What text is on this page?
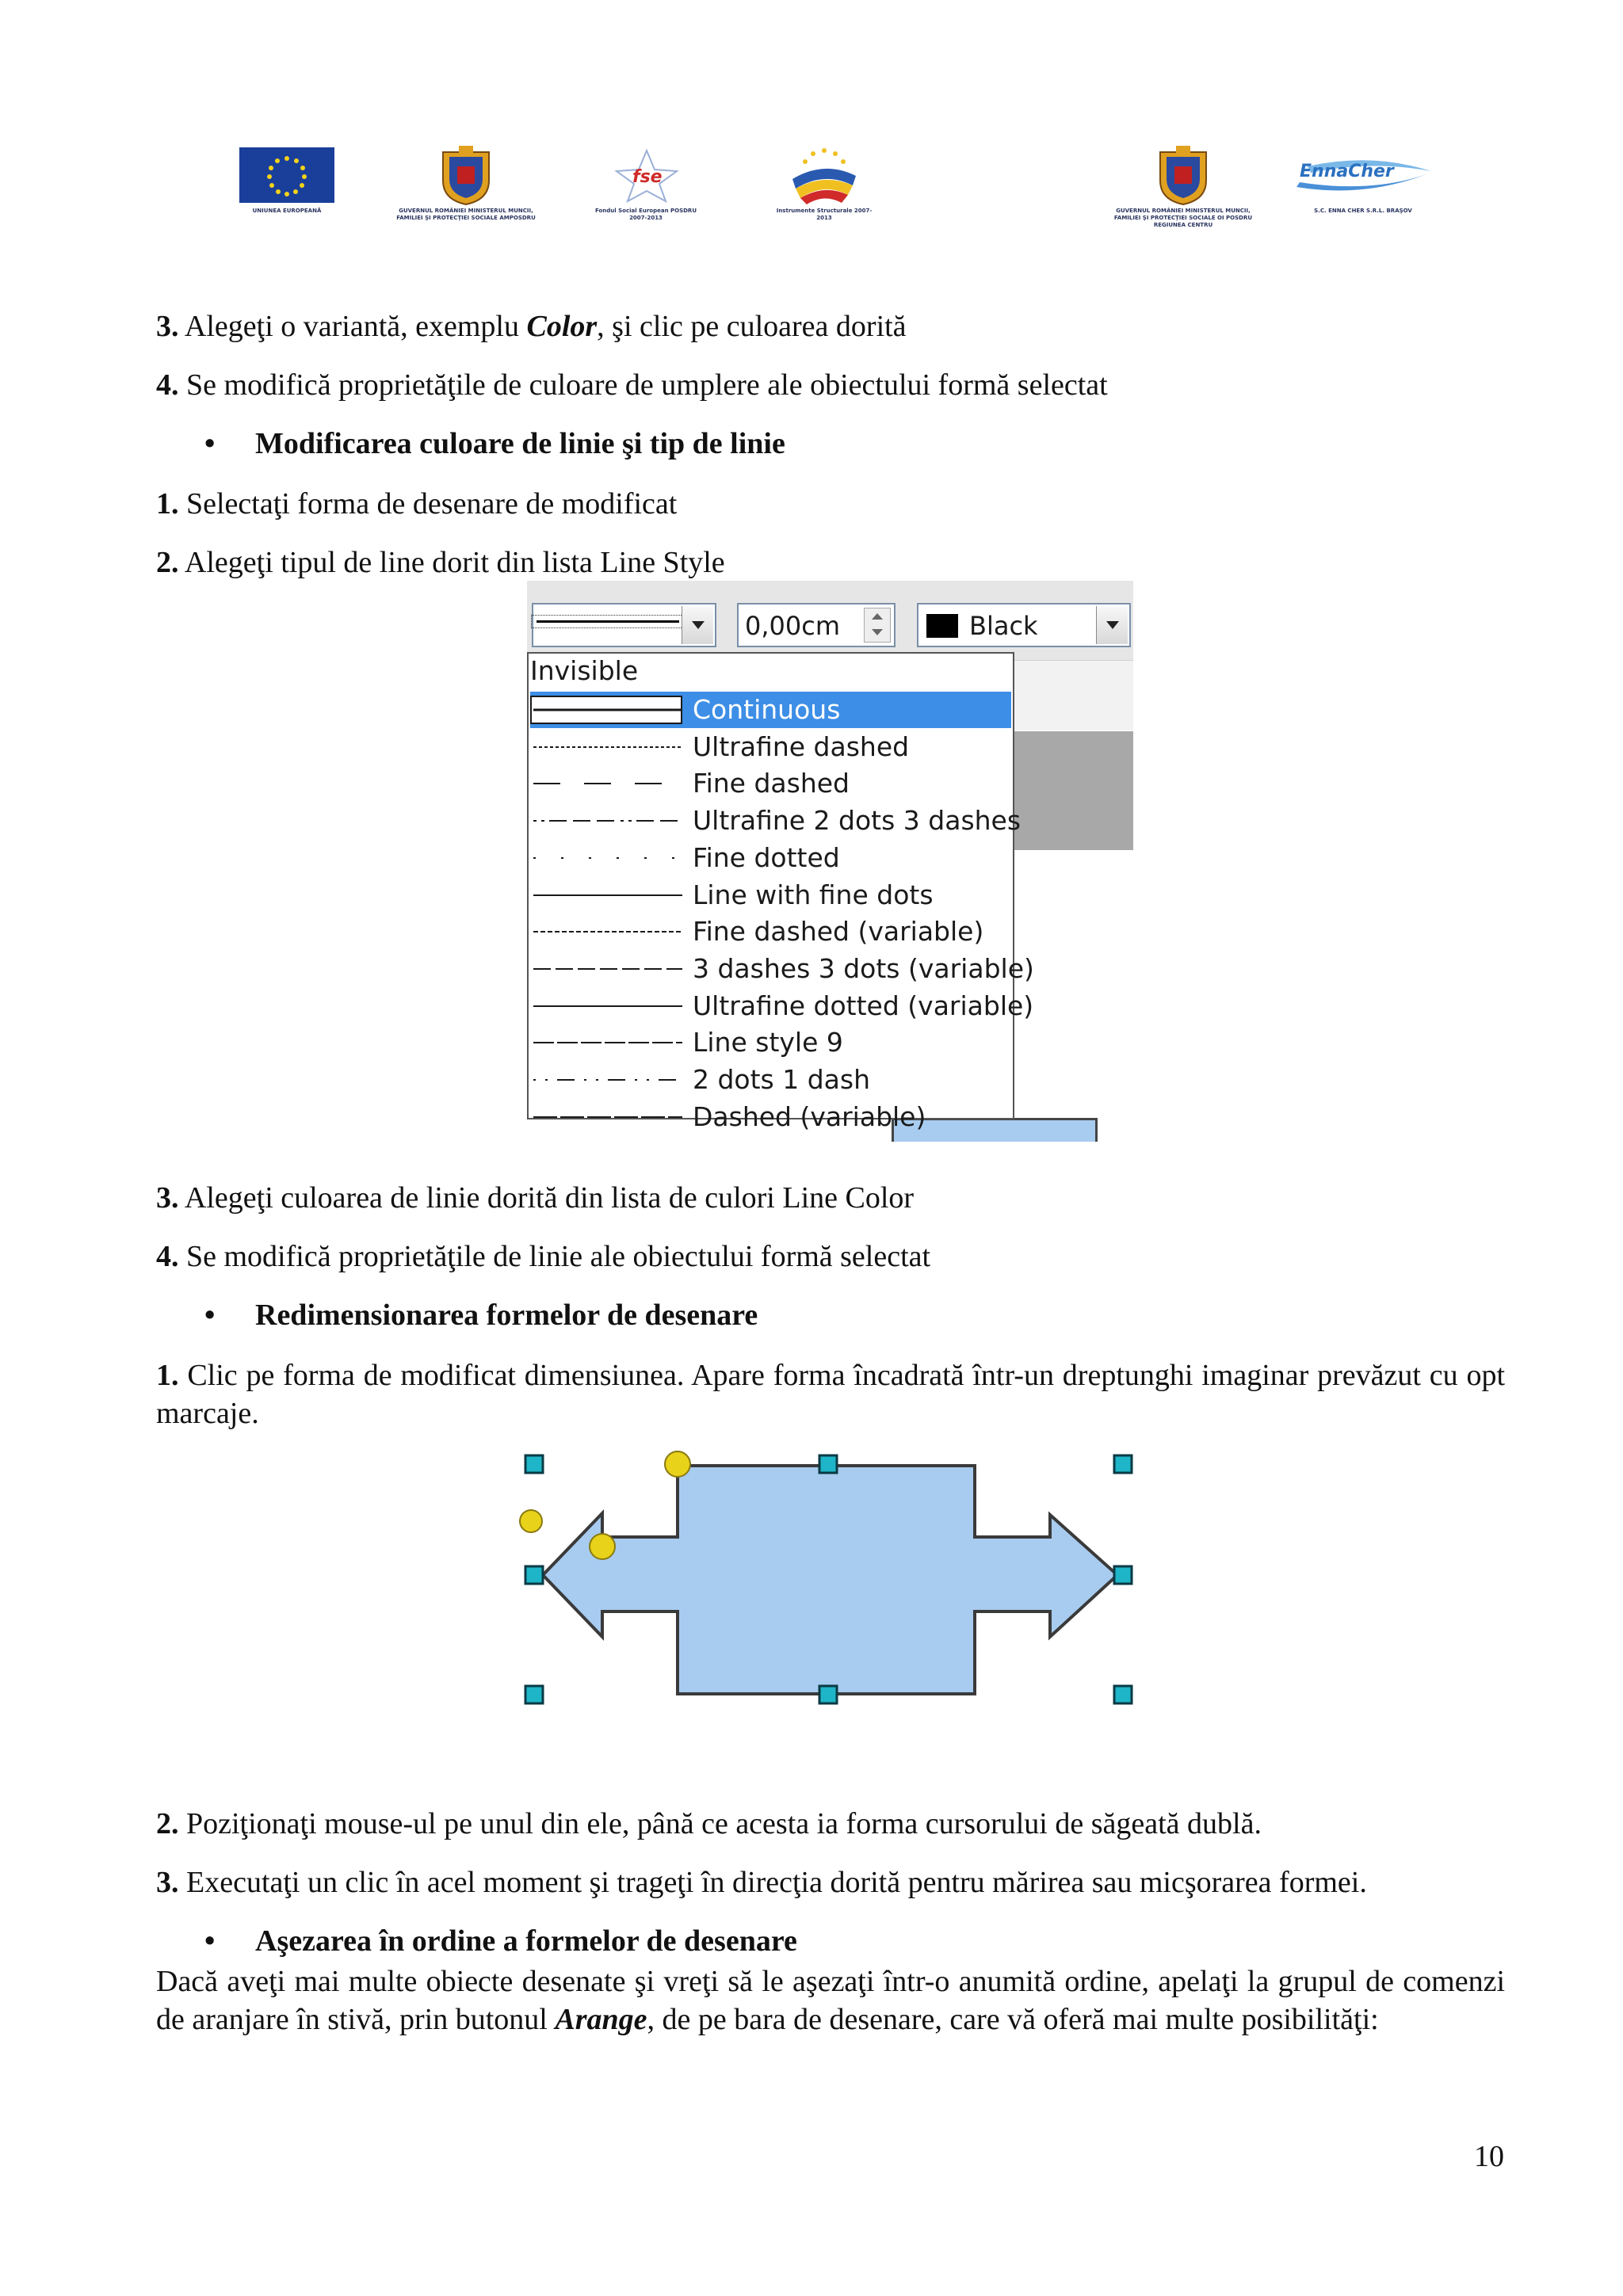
UNIUNEA EUROPEANĂ	GUVERNUL ROMÂNIEI MINISTERUL MUNCII, FAMILIEI ŞI PROTECŢIEI SOCIALE AMPOSDRU
fse
Fondul Social European POSDRU 2007-2013
Instrumente Structurale 2007-2013
GUVERNUL ROMÂNIEI MINISTERUL MUNCII, FAMILIEI ŞI PROTECŢIEI SOCIALE OI POSDRU REGIUNEA CENTRU
EnnaCher
S.C. ENNA CHER S.R.L. BRAŞOV
3. Alegeţi o variantă, exemplu Color, şi clic pe culoarea dorită
4. Se modifică proprietăţile de culoare de umplere ale obiectului formă selectat
• Modificarea culoare de linie şi tip de linie
1. Selectaţi forma de desenare de modificat
2. Alegeţi tipul de line dorit din lista Line Style
0,00cm	Black
Invisible
Continuous
Ultrafine dashed
Fine dashed
Ultrafine 2 dots 3 dashes
Fine dotted
Line with fine dots
Fine dashed (variable)
3 dashes 3 dots (variable)
Ultrafine dotted (variable)
Line style 9
2 dots 1 dash
Dashed (variable)
3. Alegeţi culoarea de linie dorită din lista de culori Line Color
4. Se modifică proprietăţile de linie ale obiectului formă selectat
• Redimensionarea formelor de desenare
1. Clic pe forma de modificat dimensiunea. Apare forma încadrată într-un dreptunghi imaginar prevăzut cu opt marcaje.
2. Poziţionaţi mouse-ul pe unul din ele, până ce acesta ia forma cursorului de săgeată dublă.
3. Executaţi un clic în acel moment şi trageţi în direcţia dorită pentru mărirea sau micşorarea formei.
• Aşezarea în ordine a formelor de desenare
Dacă aveţi mai multe obiecte desenate şi vreţi să le aşezaţi într-o anumită ordine, apelaţi la grupul de comenzi de aranjare în stivă, prin butonul Arange, de pe bara de desenare, care vă oferă mai multe posibilităţi:
10
